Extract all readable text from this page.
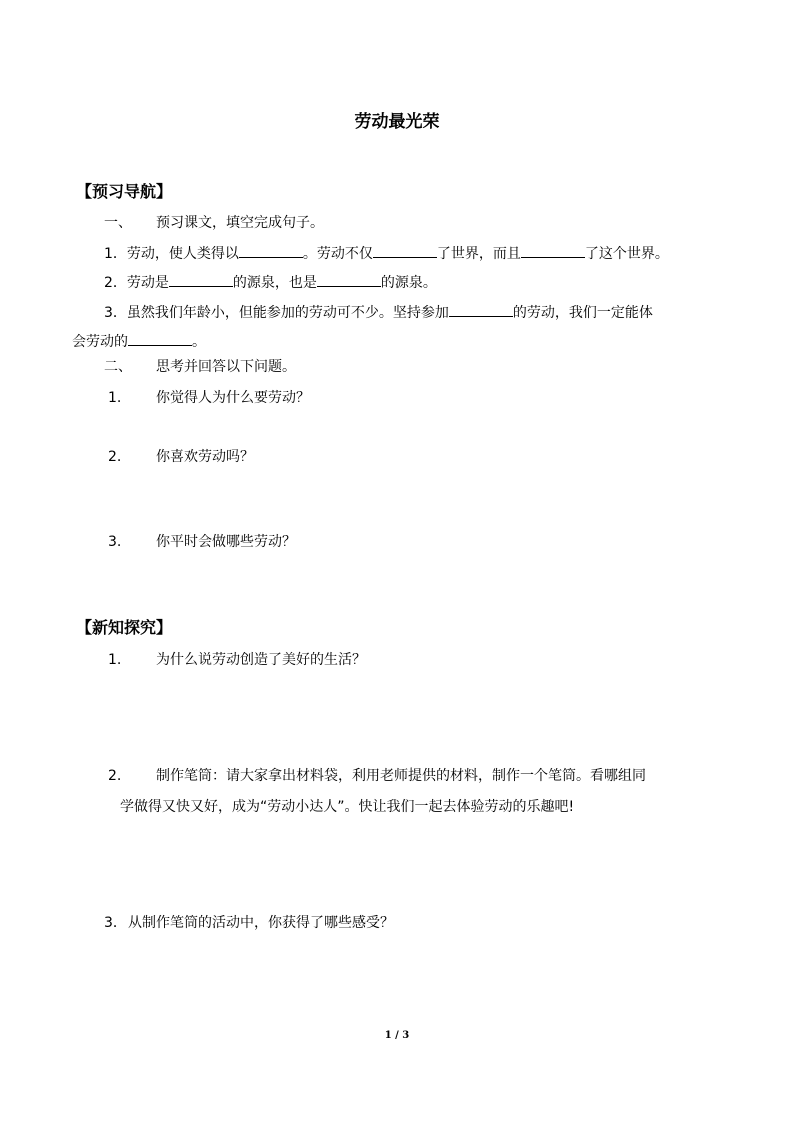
劳动最光荣
【预习导航】
一、 预习课文，填空完成句子。
1．劳动，使人类得以	。劳动不仅	了世界，而且	了这个世界。
2．劳动是	的源泉，也是	的源泉。
3．虽然我们年龄小，但能参加的劳动可不少。坚持参加	的劳动，我们一定能体
会劳动的	。
二、 思考并回答以下问题。
1. 你觉得人为什么要劳动？
2. 你喜欢劳动吗？
3. 你平时会做哪些劳动？
【新知探究】
1. 为什么说劳动创造了美好的生活？
2. 制作笔筒：请大家拿出材料袋，利用老师提供的材料，制作一个笔筒。看哪组同
学做得又快又好，成为“劳动小达人”。快让我们一起去体验劳动的乐趣吧!
3． 从制作笔筒的活动中，你获得了哪些感受？
1 / 3
